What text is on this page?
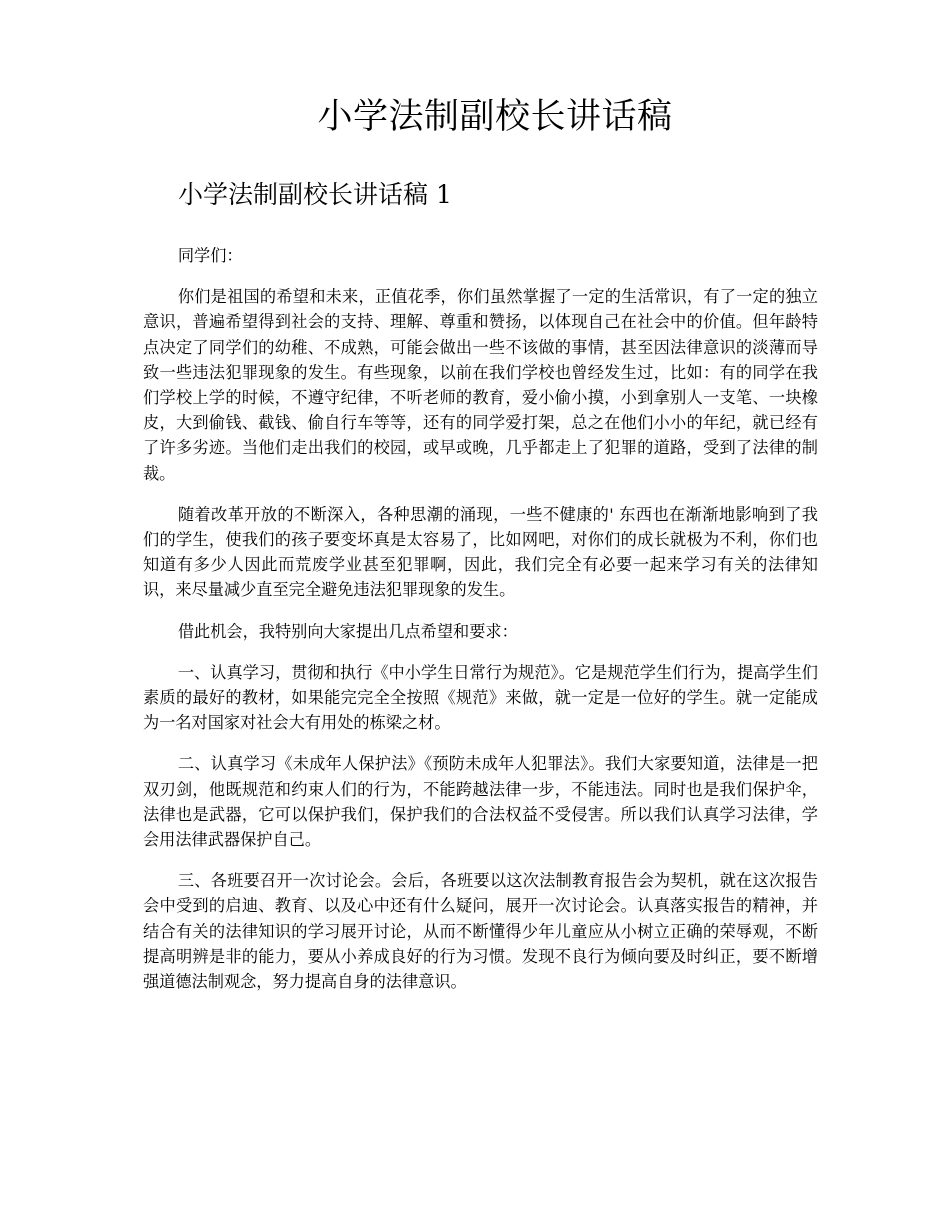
小学法制副校长讲话稿
小学法制副校长讲话稿 1

同学们：

你们是祖国的希望和未来，正值花季，你们虽然掌握了一定的生活常识，有了一定的独立意识，普遍希望得到社会的支持、理解、尊重和赞扬，以体现自己在社会中的价值。但年龄特点决定了同学们的幼稚、不成熟，可能会做出一些不该做的事情，甚至因法律意识的淡薄而导致一些违法犯罪现象的发生。有些现象，以前在我们学校也曾经发生过，比如：有的同学在我们学校上学的时候，不遵守纪律，不听老师的教育，爱小偷小摸，小到拿别人一支笔、一块橡皮，大到偷钱、截钱、偷自行车等等，还有的同学爱打架，总之在他们小小的年纪，就已经有了许多劣迹。当他们走出我们的校园，或早或晚，几乎都走上了犯罪的道路，受到了法律的制裁。

随着改革开放的不断深入，各种思潮的涌现，一些不健康的' 东西也在渐渐地影响到了我们的学生，使我们的孩子要变坏真是太容易了，比如网吧，对你们的成长就极为不利，你们也知道有多少人因此而荒废学业甚至犯罪啊，因此，我们完全有必要一起来学习有关的法律知识，来尽量减少直至完全避免违法犯罪现象的发生。

借此机会，我特别向大家提出几点希望和要求：

一、认真学习，贯彻和执行《中小学生日常行为规范》。它是规范学生们行为，提高学生们素质的最好的教材，如果能完完全全按照《规范》来做，就一定是一位好的学生。就一定能成为一名对国家对社会大有用处的栋梁之材。

二、认真学习《未成年人保护法》《预防未成年人犯罪法》。我们大家要知道，法律是一把双刃剑，他既规范和约束人们的行为，不能跨越法律一步，不能违法。同时也是我们保护伞，法律也是武器，它可以保护我们，保护我们的合法权益不受侵害。所以我们认真学习法律，学会用法律武器保护自己。

三、各班要召开一次讨论会。会后，各班要以这次法制教育报告会为契机，就在这次报告会中受到的启迪、教育、以及心中还有什么疑问，展开一次讨论会。认真落实报告的精神，并结合有关的法律知识的学习展开讨论，从而不断懂得少年儿童应从小树立正确的荣辱观，不断提高明辨是非的能力，要从小养成良好的行为习惯。发现不良行为倾向要及时纠正，要不断增强道德法制观念，努力提高自身的法律意识。
